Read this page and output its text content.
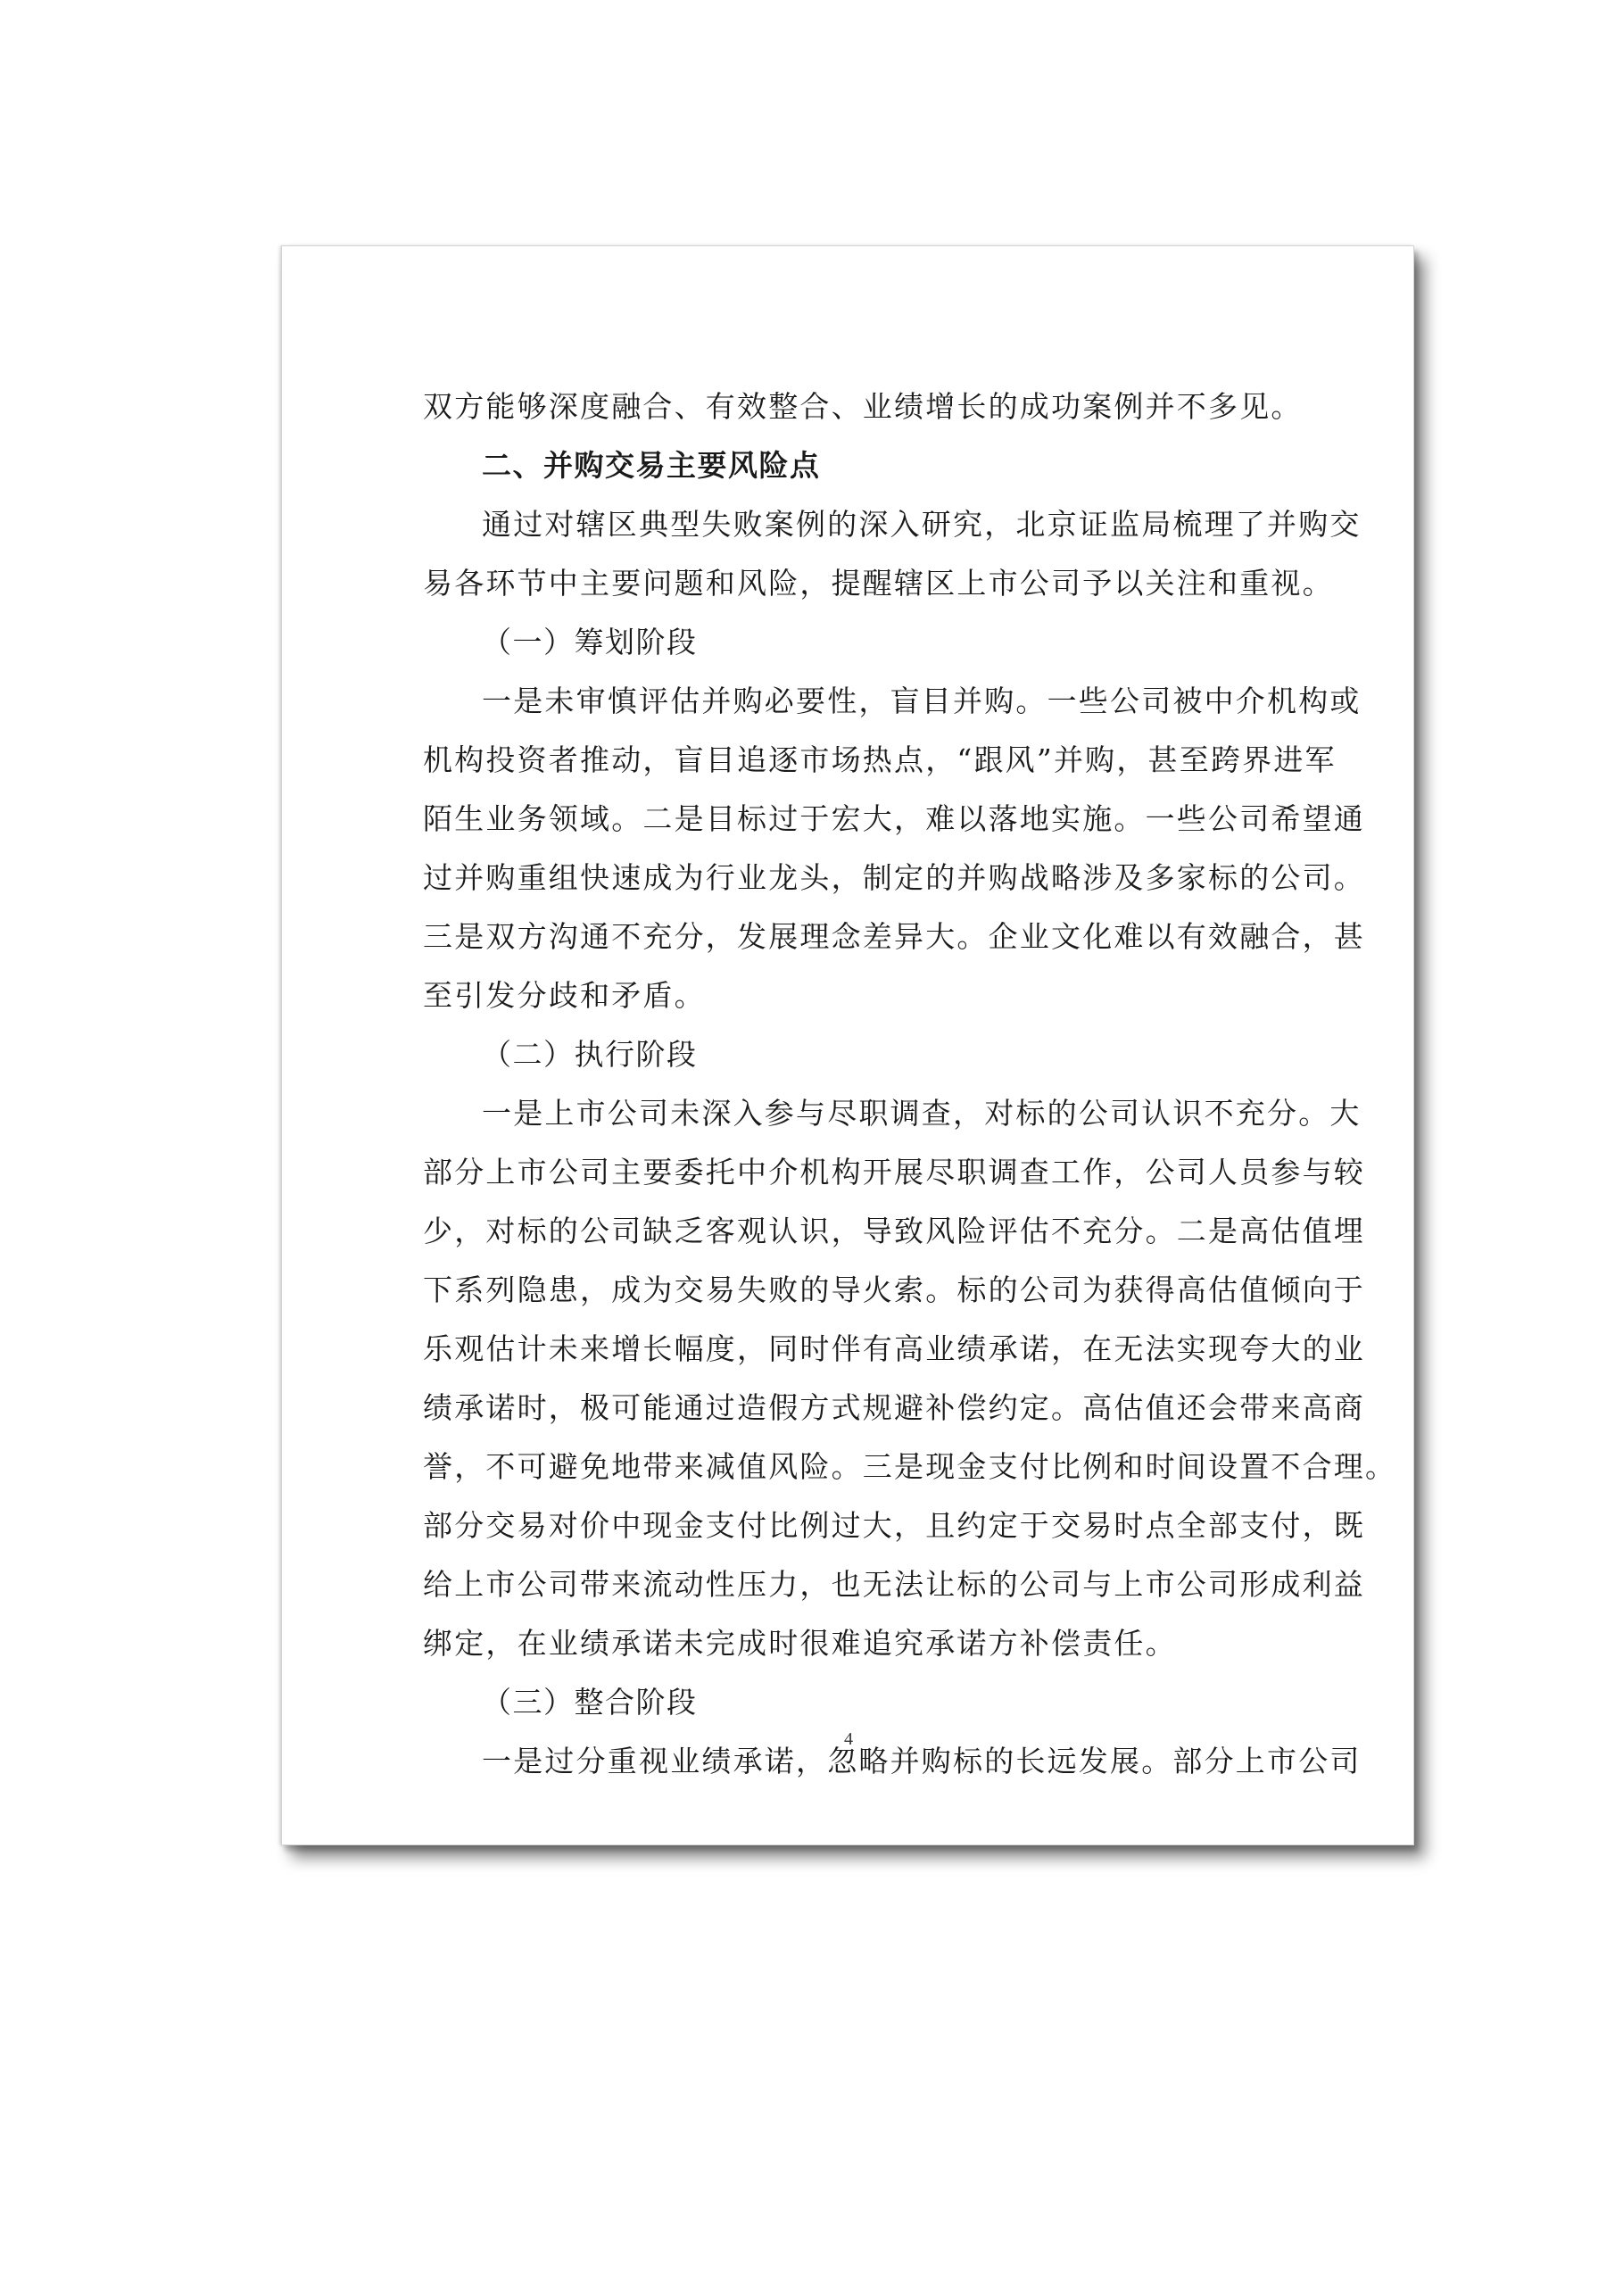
双方能够深度融合、有效整合、业绩增长的成功案例并不多见。
二、并购交易主要风险点
通过对辖区典型失败案例的深入研究，北京证监局梳理了并购交
易各环节中主要问题和风险，提醒辖区上市公司予以关注和重视。
（一）筹划阶段
一是未审慎评估并购必要性，盲目并购。一些公司被中介机构或
机构投资者推动，盲目追逐市场热点，“跟风”并购，甚至跨界进军
陌生业务领域。二是目标过于宏大，难以落地实施。一些公司希望通
过并购重组快速成为行业龙头，制定的并购战略涉及多家标的公司。
三是双方沟通不充分，发展理念差异大。企业文化难以有效融合，甚
至引发分歧和矛盾。
（二）执行阶段
一是上市公司未深入参与尽职调查，对标的公司认识不充分。大
部分上市公司主要委托中介机构开展尽职调查工作，公司人员参与较
少，对标的公司缺乏客观认识，导致风险评估不充分。二是高估值埋
下系列隐患，成为交易失败的导火索。标的公司为获得高估值倾向于
乐观估计未来增长幅度，同时伴有高业绩承诺，在无法实现夸大的业
绩承诺时，极可能通过造假方式规避补偿约定。高估值还会带来高商
誉，不可避免地带来减值风险。三是现金支付比例和时间设置不合理。
部分交易对价中现金支付比例过大，且约定于交易时点全部支付，既
给上市公司带来流动性压力，也无法让标的公司与上市公司形成利益
绑定，在业绩承诺未完成时很难追究承诺方补偿责任。
（三）整合阶段
一是过分重视业绩承诺，忽略并购标的长远发展。部分上市公司
4
